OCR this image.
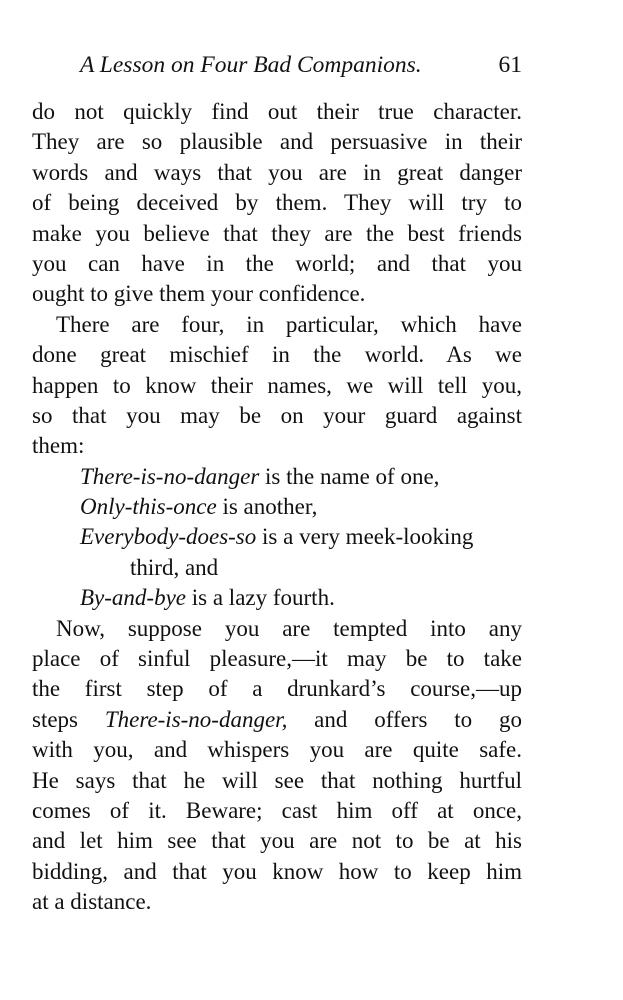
A Lesson on Four Bad Companions.	61
do not quickly find out their true character.
They are so plausible and persuasive in their
words and ways that you are in great danger
of being deceived by them. They will try to
make you believe that they are the best friends
you can have in the world; and that you
ought to give them your confidence.
There are four, in particular, which have
done great mischief in the world. As we
happen to know their names, we will tell you,
so that you may be on your guard against
them:
There-is-no-danger is the name of one,
Only-this-once is another,
Everybody-does-so is a very meek-looking
third, and
By-and-bye is a lazy fourth.
Now, suppose you are tempted into any
place of sinful pleasure,—it may be to take
the first step of a drunkard’s course,—up
steps There-is-no-danger, and offers to go
with you, and whispers you are quite safe.
He says that he will see that nothing hurtful
comes of it. Beware; cast him off at once,
and let him see that you are not to be at his
bidding, and that you know how to keep him
at a distance.
